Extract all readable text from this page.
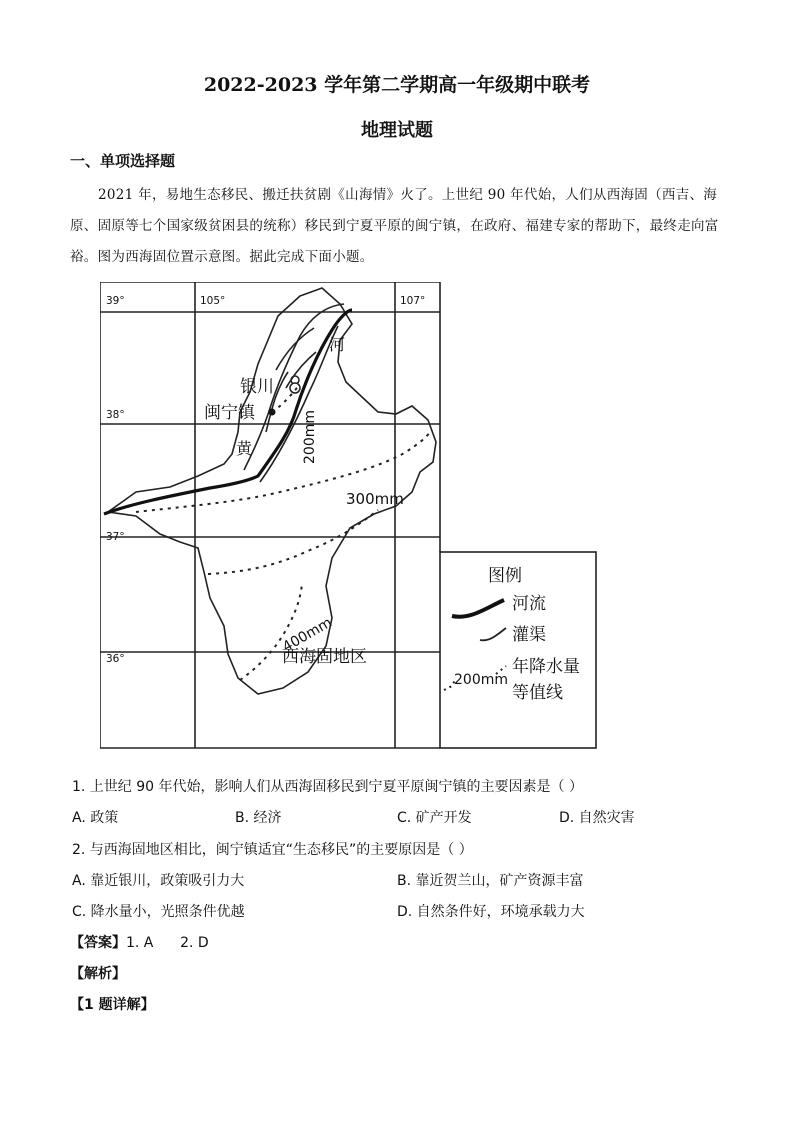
2022-2023 学年第二学期高一年级期中联考
地理试题
一、单项选择题
2021 年，易地生态移民、搬迁扶贫剧《山海情》火了。上世纪 90 年代始，人们从西海固（西吉、海原、固原等七个国家级贫困县的统称）移民到宁夏平原的闽宁镇，在政府、福建专家的帮助下，最终走向富裕。图为西海固位置示意图。据此完成下面小题。
39°	105°	107°
38°
37°
36°
银川
闽宁镇
西海固地区
河
黄
300mm
200mm
400mm
图例
河流
灌渠
年降水量
等值线
200mm
1. 上世纪 90 年代始，影响人们从西海固移民到宁夏平原闽宁镇的主要因素是（ ）
A. 政策	B. 经济	C. 矿产开发	D. 自然灾害
2. 与西海固地区相比，闽宁镇适宜“生态移民”的主要原因是（ ）
A. 靠近银川，政策吸引力大	B. 靠近贺兰山，矿产资源丰富
C. 降水量小，光照条件优越	D. 自然条件好，环境承载力大
【答案】1. A      2. D
【解析】
【1 题详解】
